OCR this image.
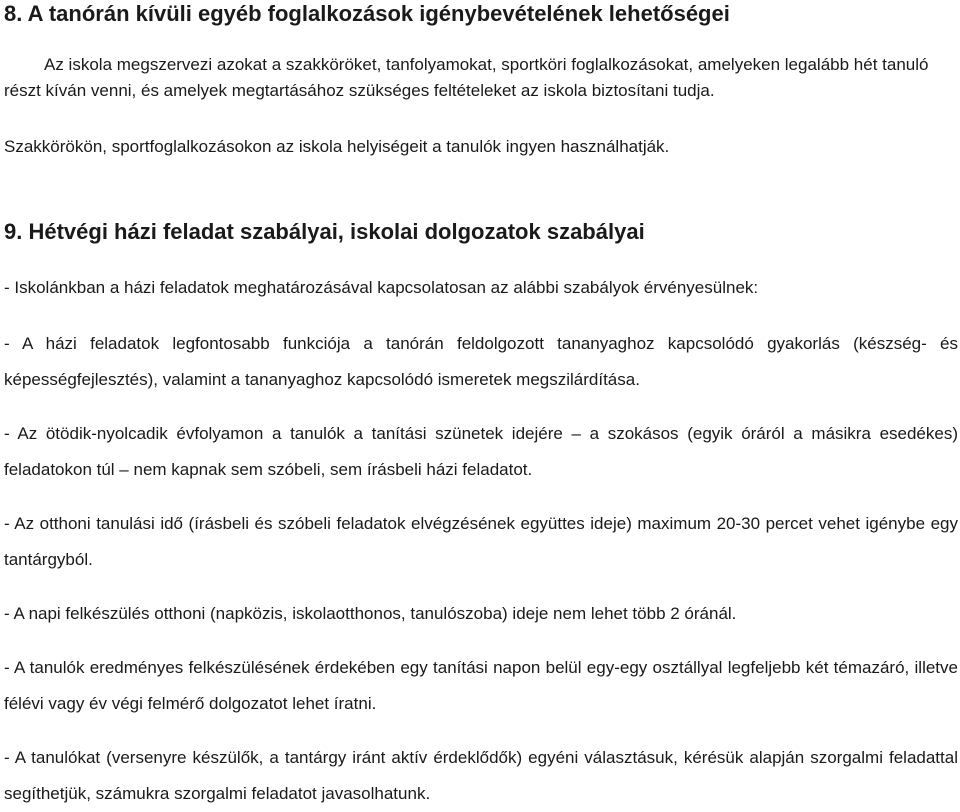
8. A tanórán kívüli egyéb foglalkozások igénybevételének lehetőségei

Az iskola megszervezi azokat a szakköröket, tanfolyamokat, sportköri foglalkozásokat, amelyeken legalább hét tanuló részt kíván venni, és amelyek megtartásához szükséges feltételeket az iskola biztosítani tudja.

Szakkörökön, sportfoglalkozásokon az iskola helyiségeit a tanulók ingyen használhatják.

9. Hétvégi házi feladat szabályai, iskolai dolgozatok szabályai

- Iskolánkban a házi feladatok meghatározásával kapcsolatosan az alábbi szabályok érvényesülnek:

- A házi feladatok legfontosabb funkciója a tanórán feldolgozott tananyaghoz kapcsolódó gyakorlás (készség- és képességfejlesztés), valamint a tananyaghoz kapcsolódó ismeretek megszilárdítása.

- Az ötödik-nyolcadik évfolyamon a tanulók a tanítási szünetek idejére – a szokásos (egyik óráról a másikra esedékes) feladatokon túl – nem kapnak sem szóbeli, sem írásbeli házi feladatot.

- Az otthoni tanulási idő (írásbeli és szóbeli feladatok elvégzésének együttes ideje) maximum 20-30 percet vehet igénybe egy tantárgyból.

- A napi felkészülés otthoni (napközis, iskolaotthonos, tanulószoba) ideje nem lehet több 2 óránál.

- A tanulók eredményes felkészülésének érdekében egy tanítási napon belül egy-egy osztállyal legfeljebb két témazáró, illetve félévi vagy év végi felmérő dolgozatot lehet íratni.

- A tanulókat (versenyre készülők, a tantárgy iránt aktív érdeklődők) egyéni választásuk, kérésük alapján szorgalmi feladattal segíthetjük, számukra szorgalmi feladatot javasolhatunk.
